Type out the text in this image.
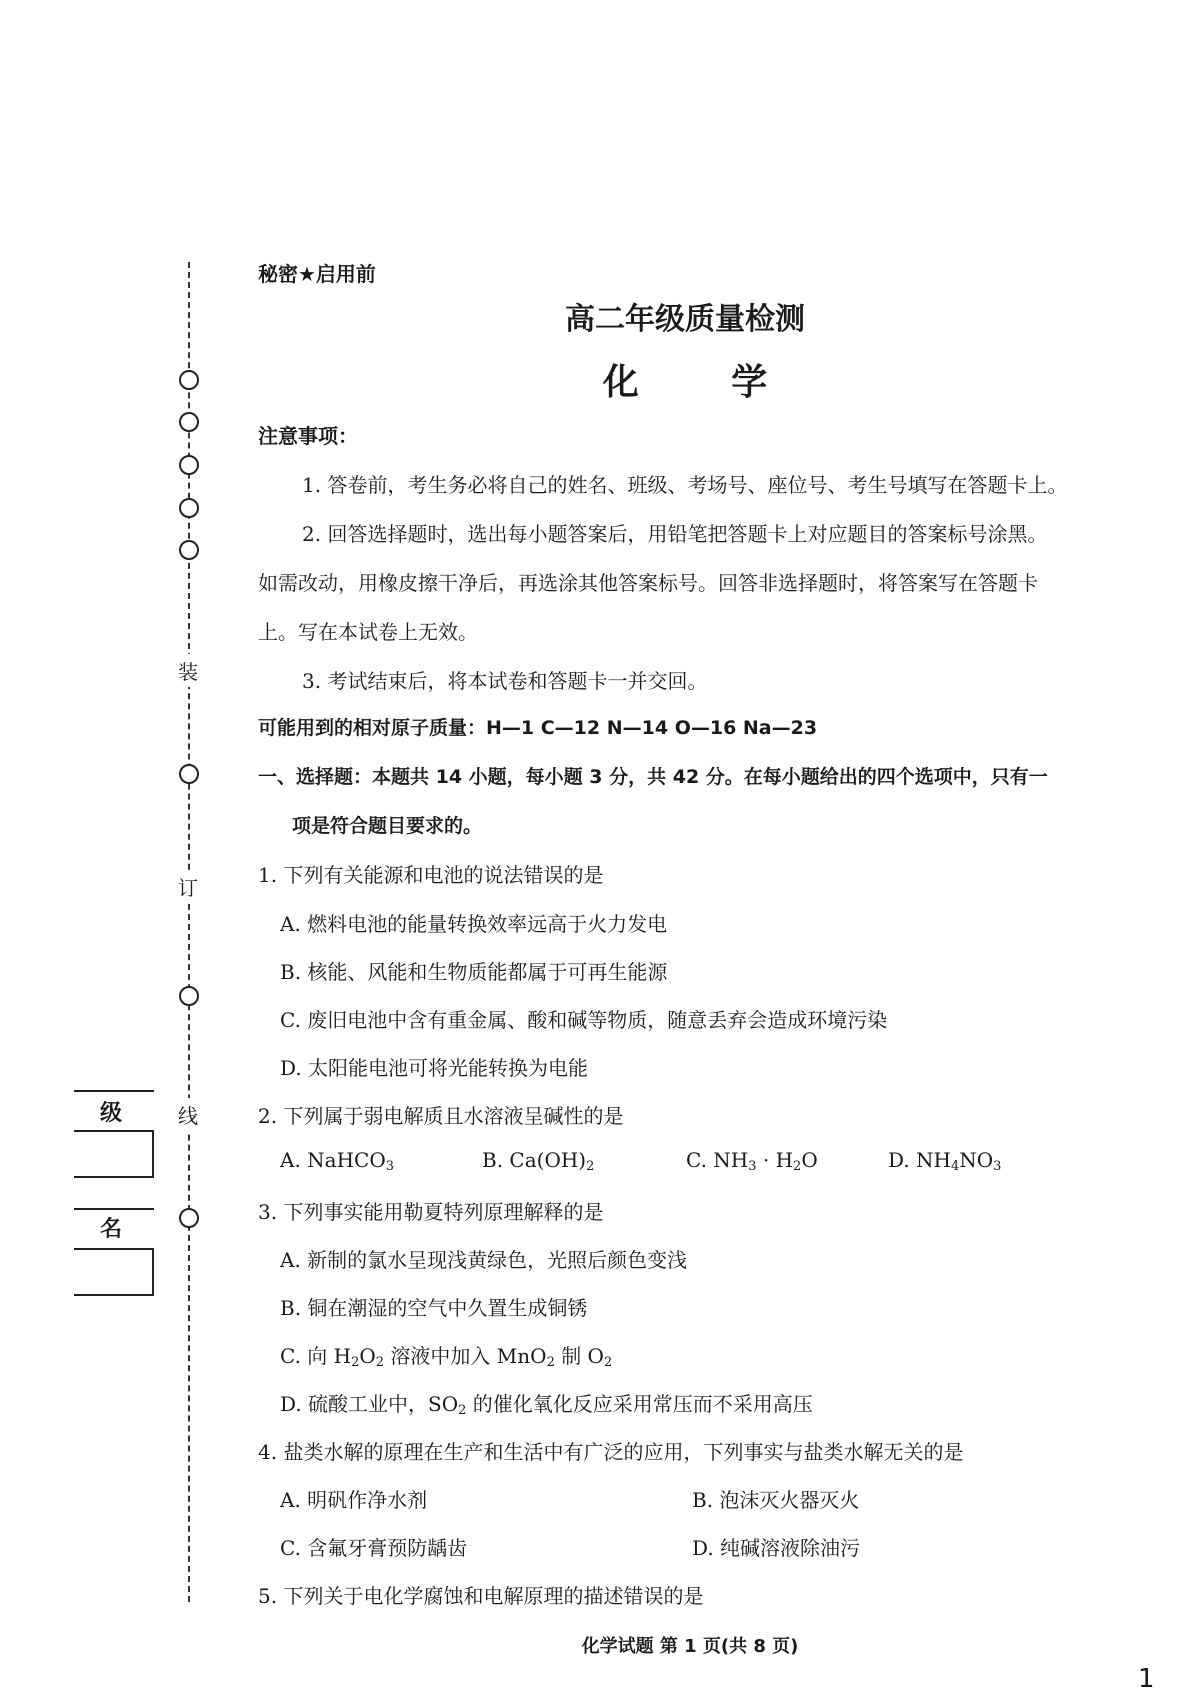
装
订
线
级
名
秘密★启用前
高二年级质量检测
化 学
注意事项：
1. 答卷前，考生务必将自己的姓名、班级、考场号、座位号、考生号填写在答题卡上。
2. 回答选择题时，选出每小题答案后，用铅笔把答题卡上对应题目的答案标号涂黑。
如需改动，用橡皮擦干净后，再选涂其他答案标号。回答非选择题时，将答案写在答题卡
上。写在本试卷上无效。
3. 考试结束后，将本试卷和答题卡一并交回。
可能用到的相对原子质量：H—1 C—12 N—14 O—16 Na—23
一、选择题：本题共 14 小题，每小题 3 分，共 42 分。在每小题给出的四个选项中，只有一
项是符合题目要求的。
1. 下列有关能源和电池的说法错误的是
A. 燃料电池的能量转换效率远高于火力发电
B. 核能、风能和生物质能都属于可再生能源
C. 废旧电池中含有重金属、酸和碱等物质，随意丢弃会造成环境污染
D. 太阳能电池可将光能转换为电能
2. 下列属于弱电解质且水溶液呈碱性的是
A. NaHCO$_3$	B. $Ca(OH)_2$	C. $NH_3 \cdot H_2O$	D. $NH_4NO_3$
3. 下列事实能用勒夏特列原理解释的是
A. 新制的氯水呈现浅黄绿色，光照后颜色变浅
B. 铜在潮湿的空气中久置生成铜锈
C. 向 $H_2O_2$ 溶液中加入 MnO$_2$ 制 $O_2$
D. 硫酸工业中，$SO_2$ 的催化氧化反应采用常压而不采用高压
4. 盐类水解的原理在生产和生活中有广泛的应用，下列事实与盐类水解无关的是
A. 明矾作净水剂	B. 泡沫灭火器灭火
C. 含氟牙膏预防龋齿	D. 纯碱溶液除油污
5. 下列关于电化学腐蚀和电解原理的描述错误的是
化学试题 第 1 页(共 8 页)
1
